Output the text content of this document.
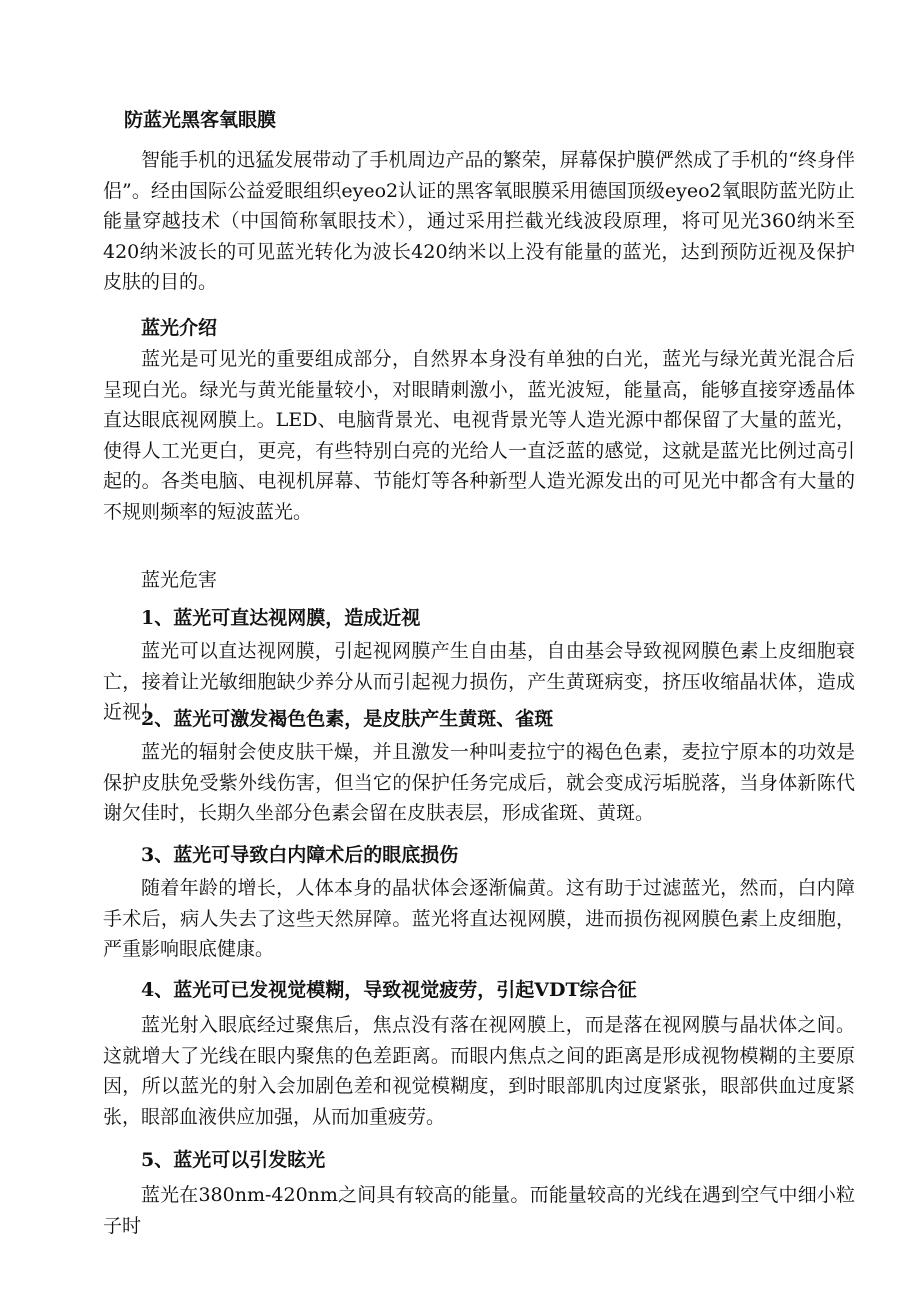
防蓝光黑客氧眼膜

智能手机的迅猛发展带动了手机周边产品的繁荣，屏幕保护膜俨然成了手机的“终身伴侣”。经由国际公益爱眼组织eyeo2认证的黑客氧眼膜采用德国顶级eyeo2氧眼防蓝光防止能量穿越技术（中国简称氧眼技术），通过采用拦截光线波段原理，将可见光360纳米至420纳米波长的可见蓝光转化为波长420纳米以上没有能量的蓝光，达到预防近视及保护皮肤的目的。

蓝光介绍

蓝光是可见光的重要组成部分，自然界本身没有单独的白光，蓝光与绿光黄光混合后呈现白光。绿光与黄光能量较小，对眼睛刺激小，蓝光波短，能量高，能够直接穿透晶体直达眼底视网膜上。LED、电脑背景光、电视背景光等人造光源中都保留了大量的蓝光，使得人工光更白，更亮，有些特别白亮的光给人一直泛蓝的感觉，这就是蓝光比例过高引起的。各类电脑、电视机屏幕、节能灯等各种新型人造光源发出的可见光中都含有大量的不规则频率的短波蓝光。

蓝光危害
1、蓝光可直达视网膜，造成近视

蓝光可以直达视网膜，引起视网膜产生自由基，自由基会导致视网膜色素上皮细胞衰亡，接着让光敏细胞缺少养分从而引起视力损伤，产生黄斑病变，挤压收缩晶状体，造成近视！

2、蓝光可激发褐色色素，是皮肤产生黄斑、雀斑

蓝光的辐射会使皮肤干燥，并且激发一种叫麦拉宁的褐色色素，麦拉宁原本的功效是保护皮肤免受紫外线伤害，但当它的保护任务完成后，就会变成污垢脱落，当身体新陈代谢欠佳时，长期久坐部分色素会留在皮肤表层，形成雀斑、黄斑。

3、蓝光可导致白内障术后的眼底损伤

随着年龄的增长，人体本身的晶状体会逐渐偏黄。这有助于过滤蓝光，然而，白内障手术后，病人失去了这些天然屏障。蓝光将直达视网膜，进而损伤视网膜色素上皮细胞，严重影响眼底健康。

4、蓝光可已发视觉模糊，导致视觉疲劳，引起VDT综合征

蓝光射入眼底经过聚焦后，焦点没有落在视网膜上，而是落在视网膜与晶状体之间。这就增大了光线在眼内聚焦的色差距离。而眼内焦点之间的距离是形成视物模糊的主要原因，所以蓝光的射入会加剧色差和视觉模糊度，到时眼部肌肉过度紧张，眼部供血过度紧张，眼部血液供应加强，从而加重疲劳。

5、蓝光可以引发眩光

蓝光在380nm-420nm之间具有较高的能量。而能量较高的光线在遇到空气中细小粒子时
